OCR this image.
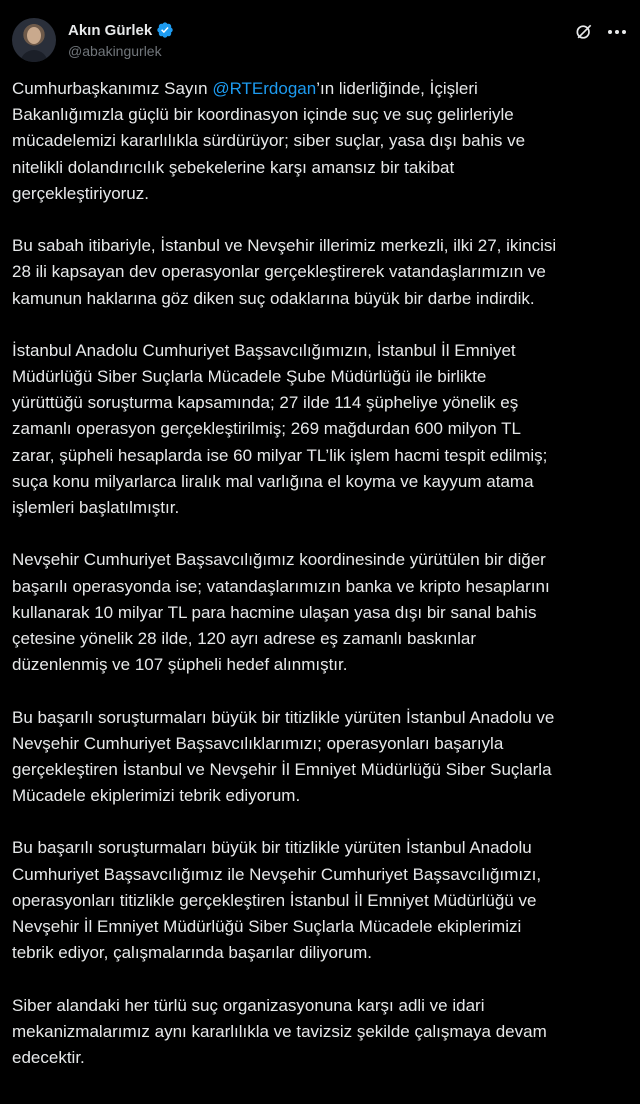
Akın Gürlek
@abakingurlek
Cumhurbaşkanımız Sayın @RTErdogan’ın liderliğinde, İçişleri
Bakanlığımızla güçlü bir koordinasyon içinde suç ve suç gelirleriyle
mücadelemizi kararlılıkla sürdürüyor; siber suçlar, yasa dışı bahis ve
nitelikli dolandırıcılık şebekelerine karşı amansız bir takibat
gerçekleştiriyoruz.
Bu sabah itibariyle, İstanbul ve Nevşehir illerimiz merkezli, ilki 27, ikincisi
28 ili kapsayan dev operasyonlar gerçekleştirerek vatandaşlarımızın ve
kamunun haklarına göz diken suç odaklarına büyük bir darbe indirdik.
İstanbul Anadolu Cumhuriyet Başsavcılığımızın, İstanbul İl Emniyet
Müdürlüğü Siber Suçlarla Mücadele Şube Müdürlüğü ile birlikte
yürüttüğü soruşturma kapsamında; 27 ilde 114 şüpheliye yönelik eş
zamanlı operasyon gerçekleştirilmiş; 269 mağdurdan 600 milyon TL
zarar, şüpheli hesaplarda ise 60 milyar TL’lik işlem hacmi tespit edilmiş;
suça konu milyarlarca liralık mal varlığına el koyma ve kayyum atama
işlemleri başlatılmıştır.
Nevşehir Cumhuriyet Başsavcılığımız koordinesinde yürütülen bir diğer
başarılı operasyonda ise; vatandaşlarımızın banka ve kripto hesaplarını
kullanarak 10 milyar TL para hacmine ulaşan yasa dışı bir sanal bahis
çetesine yönelik 28 ilde, 120 ayrı adrese eş zamanlı baskınlar
düzenlenmiş ve 107 şüpheli hedef alınmıştır.
Bu başarılı soruşturmaları büyük bir titizlikle yürüten İstanbul Anadolu ve
Nevşehir Cumhuriyet Başsavcılıklarımızı; operasyonları başarıyla
gerçekleştiren İstanbul ve Nevşehir İl Emniyet Müdürlüğü Siber Suçlarla
Mücadele ekiplerimizi tebrik ediyorum.
Bu başarılı soruşturmaları büyük bir titizlikle yürüten İstanbul Anadolu
Cumhuriyet Başsavcılığımız ile Nevşehir Cumhuriyet Başsavcılığımızı,
operasyonları titizlikle gerçekleştiren İstanbul İl Emniyet Müdürlüğü ve
Nevşehir İl Emniyet Müdürlüğü Siber Suçlarla Mücadele ekiplerimizi
tebrik ediyor, çalışmalarında başarılar diliyorum.
Siber alandaki her türlü suç organizasyonuna karşı adli ve idari
mekanizmalarımız aynı kararlılıkla ve tavizsiz şekilde çalışmaya devam
edecektir.
